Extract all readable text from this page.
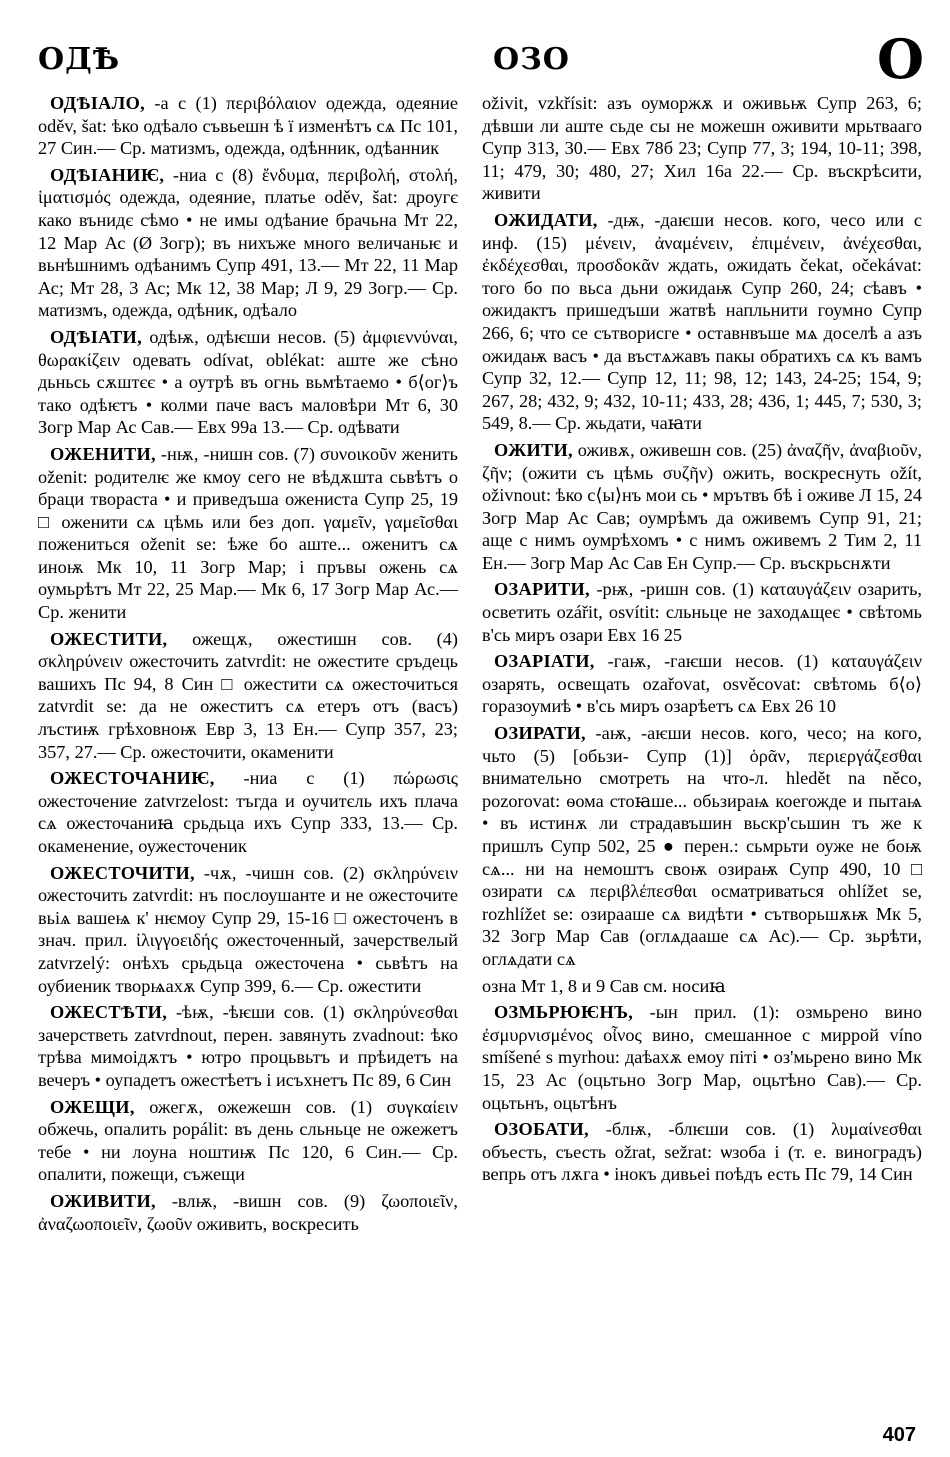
ОДѢ	ОЗО	О

ОДѢІАЛО, -а с (1) περιβόλαιον одежда, одеяние oděv, šat: ѣко одѣало съвьешн ѣ ї изменѣтъ сѧ Пс 101, 27 Син.— Ср. матизмъ, одежда, одѣнник, одѣанник

ОДѢІАНИѤ, -ниа с (8) ἔνδυμα, περιβολή, στολή, ἱματισμός одежда, одеяние, платье oděv, šat: дроугє како вънидє сѣмо • не имы одѣание брачьна Мт 22, 12 Мар Ас (Ø Зогр); въ нихъже много величаньѥ и вьнѣшнимъ одѣанимъ Супр 491, 13.— Мт 22, 11 Мар Ас; Мт 28, 3 Ас; Мк 12, 38 Мар; Л 9, 29 Зогр.— Ср. матизмъ, одежда, одѣник, одѣало

ОДѢІАТИ, одѣѭ, одѣѥши несов. (5) ἀμφιεννύναι, θωρακίζειν одевать odívat, oblékat: аште же сѣно дьньсь сѫштєє • а оутрѣ въ огнь вьмѣтаемо • б⟨ог⟩ъ тако одѣѥтъ • колми паче васъ маловѣри Мт 6, 30 Зогр Мар Ас Сав.— Евх 99а 13.— Ср. одѣвати

ОЖЕНИТИ, -нѭ, -нишн сов. (7) συνοικοῦν женить oženit: родителѥ же кмоу сего не вѣдѫшта сьвѣтъ о браци твораста • и приведъша ожениста Супр 25, 19 □ оженити сѧ цѣмь или без доп. γαμεῖν, γαμεῖσθαι пожениться oženit se: ѣже бо аште... оженитъ сѧ иноѭ Мк 10, 11 Зогр Мар; і пръвы ожень сѧ оумьрѣтъ Мт 22, 25 Мар.— Мк 6, 17 Зогр Мар Ас.— Ср. женити

ОЖЕСТИТИ, ожещѫ, ожестишн сов. (4) σκληρύνειν ожесточить zatvrdit: не ожестите сръдець вашихъ Пс 94, 8 Син □ ожестити сѧ ожесточиться zatvrdit se: да не ожеститъ сѧ етеръ отъ (васъ) лъстиѭ грѣховноѭ Евр 3, 13 Ен.— Супр 357, 23; 357, 27.— Ср. ожесточити, окаменити

ОЖЕСТОЧАНИѤ, -ниа с (1) πώρωσις ожесточение zatvrzelost: тъгда и оучитєль ихъ плача сѧ ожесточаниꙗ срьдьца ихъ Супр 333, 13.— Ср. окаменение, оужесточеник

ОЖЕСТОЧИТИ, -чѫ, -чишн сов. (2) σκληρύνειν ожесточить zatvrdit: нъ послоушанте и не ожесточите вьіѧ вашеѩ к' нѥмоу Супр 29, 15-16 □ ожесточенъ в знач. прил. ἰλιγγοειδής ожесточенный, зачерствелый zatvrzelý: онѣхъ срьдьца ожесточена • сьвѣтъ на оубиеник творѩахѫ Супр 399, 6.— Ср. ожестити

ОЖЕСТѢТИ, -ѣѭ, -ѣѥши сов. (1) σκληρύνεσθαι зачерстветь zatvrdnout, перен. завянуть zvadnout: ѣко трѣва мимоідѫтъ • ютро процьвьтъ и прѣидетъ на вечеръ • оупадетъ ожестѣетъ і исъхнетъ Пс 89, 6 Син

ОЖЕЩИ, ожегѫ, ожежешн сов. (1) συγκαίειν обжечь, опалить popálit: въ день сльньце не ожежетъ тебе • ни лоуна ноштиѭ Пс 120, 6 Син.— Ср. опалити, пожещи, съжещи

ОЖИВИТИ, -влѭ, -вишн сов. (9) ζωοποιεῖν, ἀναζωοποιεῖν, ζωοῦν оживить, воскресить

oživit, vzkřísit: азъ оуморжѫ и оживьѭ Супр 263, 6; дѣвши ли аште сьде сы не можешн оживити мрьтвааго Супр 313, 30.— Евх 78б 23; Супр 77, 3; 194, 10-11; 398, 11; 479, 30; 480, 27; Хил 16а 22.— Ср. въскрѣсити, живити

ОЖИДАТИ, -дѭ, -даѥши несов. кого, чесо или с инф. (15) μένειν, ἀναμένειν, ἐπιμένειν, ἀνέχεσθαι, ἐκδέχεσθαι, προσδοκᾶν ждать, ожидать čekat, očekávat: того бо по вьса дьни ожидаѭ Супр 260, 24; сѣавъ • ожидактъ пришедъши жатвѣ напльнити гоумно Супр 266, 6; что се сътворисге • оставнвъше мѧ доселѣ а азъ ожидаѭ васъ • да въстѧжавъ пакы обратихъ сѧ къ вамъ Супр 32, 12.— Супр 12, 11; 98, 12; 143, 24-25; 154, 9; 267, 28; 432, 9; 432, 10-11; 433, 28; 436, 1; 445, 7; 530, 3; 549, 8.— Ср. жьдати, чаꙗти

ОЖИТИ, оживѫ, оживешн сов. (25) ἀναζῆν, ἀναβιοῦν, ζῆν; (ожити съ цѣмь συζῆν) ожить, воскреснуть ožít, oživnout: ѣко с⟨ы⟩нъ мои сь • мрътвъ бѣ і оживе Л 15, 24 Зогр Мар Ас Сав; оумрѣмъ да оживемъ Супр 91, 21; аще с нимъ оумрѣхомъ • с нимъ оживемъ 2 Тим 2, 11 Ен.— Зогр Мар Ас Сав Ен Супр.— Ср. въскрьснѫти

ОЗАРИТИ, -рѭ, -ришн сов. (1) καταυγάζειν озарить, осветить ozářit, osvítit: сльньце не заходѧщеє • свѣтомь в'сь миръ озари Евх 16 25

ОЗАРІАТИ, -гаѭ, -гаѥши несов. (1) καταυγάζειν озарять, освещать ozařovat, osvěcovat: свѣтомь б⟨о⟩горазоумиѣ • в'сь миръ озарѣетъ сѧ Евх 26 10

ОЗИРАТИ, -аѭ, -аѥши несов. кого, чесо; на кого, чьто (5) [обьзи- Супр (1)] ὁρᾶν, περιεργάζεσθαι внимательно смотреть на что-л. hledět na něco, pozorovat: ѳома стоꙗше... обьзираѩ коегожде и пытаѩ • въ истинѫ ли страдавъшин вьскр'сьшин тъ же к пришлъ Супр 502, 25 ● перен.: сьмрьти оуже не боѭ сѧ... ни на немоштъ своѭ озираѭ Супр 490, 10 □ озирати сѧ περιβλέπεσθαι осматриваться ohlížet se, rozhlížet se: озирааше сѧ видѣти • сътворьшѫѭ Мк 5, 32 Зогр Мар Сав (оглѧдааше сѧ Ас).— Ср. зьрѣти, оглѧдати сѧ

озна Мт 1, 8 и 9 Сав см. носиꙗ

ОЗМЬРЮѤНЪ, -ын прил. (1): озмьрено вино ἐσμυρνισμένος οἶνος вино, смешанное с миррой víno smíšené s myrhou: даѣахѫ емоу піті • оз'мьрено вино Мк 15, 23 Ас (оцьтьно Зогр Мар, оцьтѣно Сав).— Ср. оцьтьнъ, оцьтѣнъ

ОЗОБАТИ, -блѭ, -блѥши сов. (1) λυμαίνεσθαι объесть, съесть ožrat, sežrat: ѡзоба і (т. е. виноградъ) вепрь отъ лѫга • інокъ дивьеі поѣдъ есть Пс 79, 14 Син

407
